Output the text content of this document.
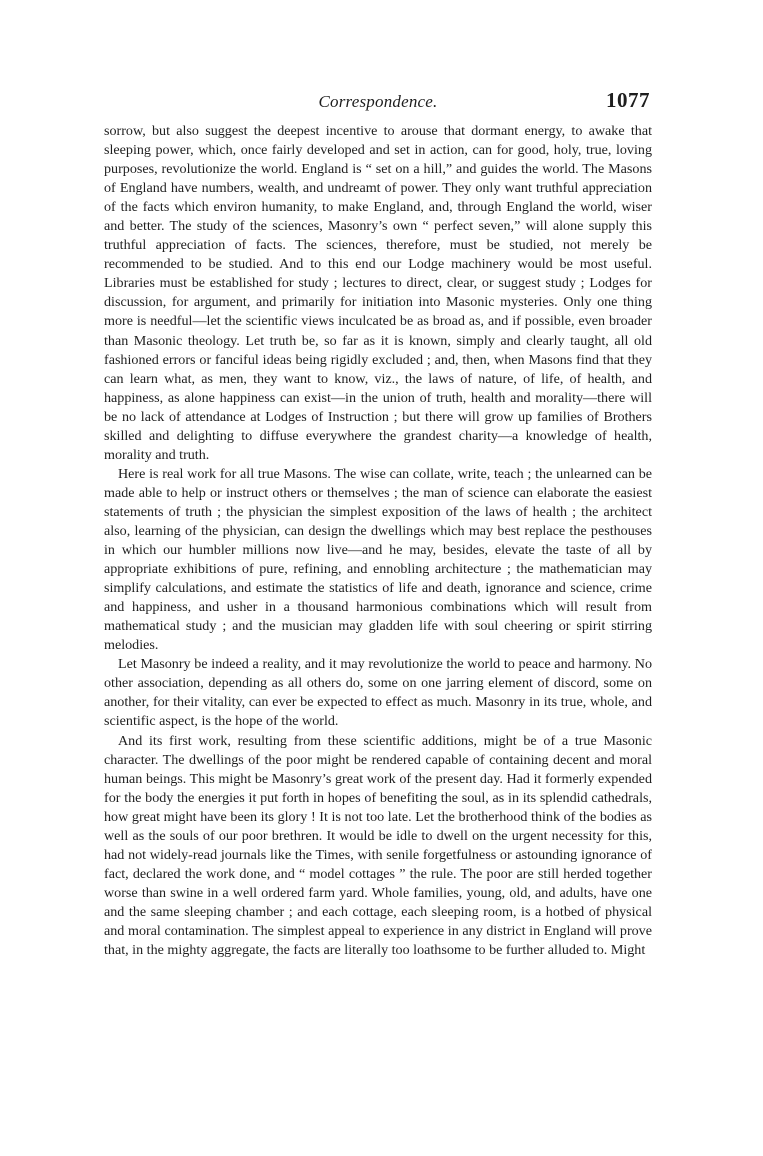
Correspondence.	1077

sorrow, but also suggest the deepest incentive to arouse that dormant energy, to awake that sleeping power, which, once fairly developed and set in action, can for good, holy, true, loving purposes, revolutionize the world. England is “ set on a hill,” and guides the world. The Masons of England have numbers, wealth, and undreamt of power. They only want truthful appreciation of the facts which environ humanity, to make England, and, through England the world, wiser and better. The study of the sciences, Masonry’s own “ perfect seven,” will alone supply this truthful appreciation of facts. The sciences, therefore, must be studied, not merely be recommended to be studied. And to this end our Lodge machinery would be most useful. Libraries must be established for study ; lectures to direct, clear, or suggest study ; Lodges for discussion, for argument, and primarily for initiation into Masonic mysteries. Only one thing more is needful—let the scientific views inculcated be as broad as, and if possible, even broader than Masonic theology. Let truth be, so far as it is known, simply and clearly taught, all old fashioned errors or fanciful ideas being rigidly excluded ; and, then, when Masons find that they can learn what, as men, they want to know, viz., the laws of nature, of life, of health, and happiness, as alone happiness can exist—in the union of truth, health and morality—there will be no lack of attendance at Lodges of Instruction ; but there will grow up families of Brothers skilled and delighting to diffuse everywhere the grandest charity—a knowledge of health, morality and truth.

Here is real work for all true Masons. The wise can collate, write, teach ; the unlearned can be made able to help or instruct others or themselves ; the man of science can elaborate the easiest statements of truth ; the physician the simplest exposition of the laws of health ; the architect also, learning of the physician, can design the dwellings which may best replace the pesthouses in which our humbler millions now live—and he may, besides, elevate the taste of all by appropriate exhibitions of pure, refining, and ennobling architecture ; the mathematician may simplify calculations, and estimate the statistics of life and death, ignorance and science, crime and happiness, and usher in a thousand harmonious combinations which will result from mathematical study ; and the musician may gladden life with soul cheering or spirit stirring melodies.

Let Masonry be indeed a reality, and it may revolutionize the world to peace and harmony. No other association, depending as all others do, some on one jarring element of discord, some on another, for their vitality, can ever be expected to effect as much. Masonry in its true, whole, and scientific aspect, is the hope of the world.

And its first work, resulting from these scientific additions, might be of a true Masonic character. The dwellings of the poor might be rendered capable of containing decent and moral human beings. This might be Masonry’s great work of the present day. Had it formerly expended for the body the energies it put forth in hopes of benefiting the soul, as in its splendid cathedrals, how great might have been its glory ! It is not too late. Let the brotherhood think of the bodies as well as the souls of our poor brethren. It would be idle to dwell on the urgent necessity for this, had not widely-read journals like the Times, with senile forgetfulness or astounding ignorance of fact, declared the work done, and “ model cottages ” the rule. The poor are still herded together worse than swine in a well ordered farm yard. Whole families, young, old, and adults, have one and the same sleeping chamber ; and each cottage, each sleeping room, is a hotbed of physical and moral contamination. The simplest appeal to experience in any district in England will prove that, in the mighty aggregate, the facts are literally too loathsome to be further alluded to. Might
